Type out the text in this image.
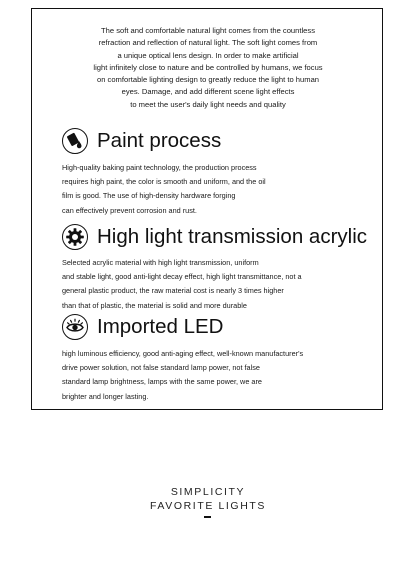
The soft and comfortable natural light comes from the countless
refraction and reflection of natural light. The soft light comes from
a unique optical lens design. In order to make artificial
light infinitely close to nature and be controlled by humans, we focus
on comfortable lighting design to greatly reduce the light to human
eyes. Damage, and add different scene light effects
to meet the user's daily light needs and quality

Paint process

High-quality baking paint technology, the production process
requires high paint, the color is smooth and uniform, and the oil
film is good. The use of high-density hardware forging
can effectively prevent corrosion and rust.

High light transmission acrylic

Selected acrylic material with high light transmission, uniform
and stable light, good anti-light decay effect, high light transmittance, not a
general plastic product, the raw material cost is nearly 3 times higher
than that of plastic, the material is solid and more durable

Imported LED

high luminous efficiency, good anti-aging effect, well-known manufacturer's
drive power solution, not false standard lamp power, not false
standard lamp brightness, lamps with the same power, we are
brighter and longer lasting.

SIMPLICITY
FAVORITE LIGHTS
